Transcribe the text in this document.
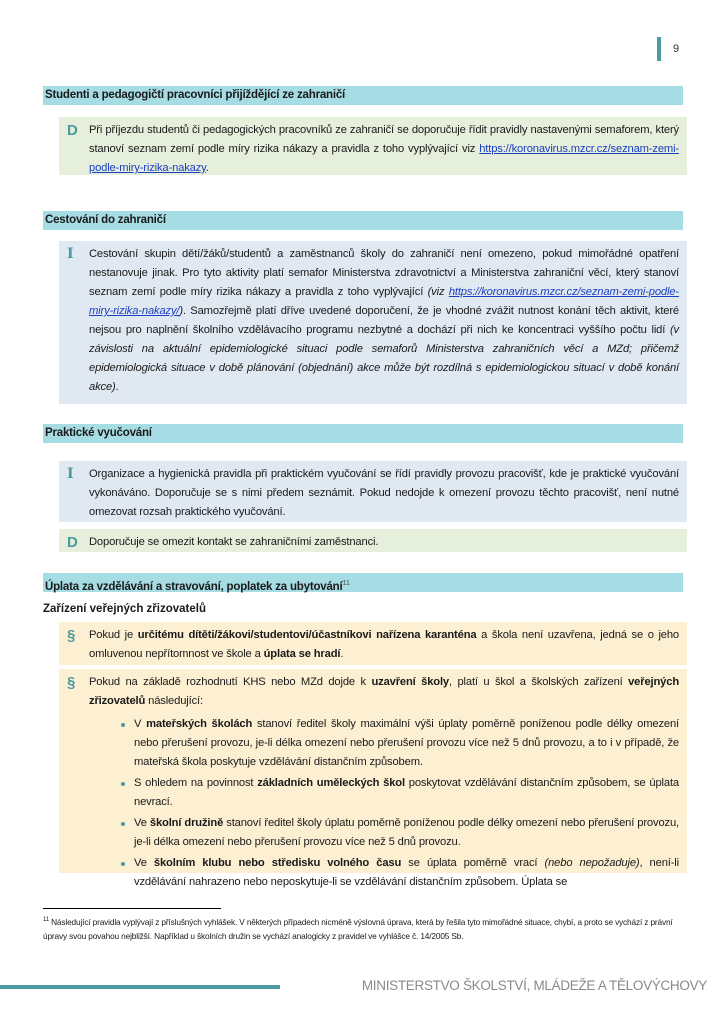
9
Studenti a pedagogičtí pracovníci přijíždějící ze zahraničí
D Při příjezdu studentů či pedagogických pracovníků ze zahraničí se doporučuje řídit pravidly nastavenými semaforem, který stanoví seznam zemí podle míry rizika nákazy a pravidla z toho vyplývající viz https://koronavirus.mzcr.cz/seznam-zemi-podle-miry-rizika-nakazy.
Cestování do zahraničí
I Cestování skupin dětí/žáků/studentů a zaměstnanců školy do zahraničí není omezeno, pokud mimořádné opatření nestanovuje jinak. Pro tyto aktivity platí semafor Ministerstva zdravotnictví a Ministerstva zahraniční věcí, který stanoví seznam zemí podle míry rizika nákazy a pravidla z toho vyplývající (viz https://koronavirus.mzcr.cz/seznam-zemi-podle-miry-rizika-nakazy/). Samozřejmě platí dříve uvedené doporučení, že je vhodné zvážit nutnost konání těch aktivit, které nejsou pro naplnění školního vzdělávacího programu nezbytné a dochází při nich ke koncentraci vyššího počtu lidí (v závislosti na aktuální epidemiologické situaci podle semaforů Ministerstva zahraničních věcí a MZd; přičemž epidemiologická situace v době plánování (objednání) akce může být rozdílná s epidemiologickou situací v době konání akce).
Praktické vyučování
I Organizace a hygienická pravidla při praktickém vyučování se řídí pravidly provozu pracovišť, kde je praktické vyučování vykonáváno. Doporučuje se s nimi předem seznámit. Pokud nedojde k omezení provozu těchto pracovišť, není nutné omezovat rozsah praktického vyučování.
D Doporučuje se omezit kontakt se zahraničními zaměstnanci.
Úplata za vzdělávání a stravování, poplatek za ubytování$^{11}$
Zařízení veřejných zřizovatelů
§ Pokud je určitému dítěti/žákovi/studentovi/účastníkovi nařízena karanténa a škola není uzavřena, jedná se o jeho omluvenou nepřítomnost ve škole a úplata se hradí.
§ Pokud na základě rozhodnutí KHS nebo MZd dojde k uzavření školy, platí u škol a školských zařízení veřejných zřizovatelů následující:
V mateřských školách stanoví ředitel školy maximální výši úplaty poměrně poníženou podle délky omezení nebo přerušení provozu, je-li délka omezení nebo přerušení provozu více než 5 dnů provozu, a to i v případě, že mateřská škola poskytuje vzdělávání distančním způsobem.
S ohledem na povinnost základních uměleckých škol poskytovat vzdělávání distančním způsobem, se úplata nevrací.
Ve školní družině stanoví ředitel školy úplatu poměrně poníženou podle délky omezení nebo přerušení provozu, je-li délka omezení nebo přerušení provozu více než 5 dnů provozu.
Ve školním klubu nebo středisku volného času se úplata poměrně vrací (nebo nepožaduje), není-li vzdělávání nahrazeno nebo neposkytuje-li se vzdělávání distančním způsobem. Úplata se
$^{11}$ Následující pravidla vyplývají z příslušných vyhlášek. V některých případech nicméně výslovná úprava, která by řešila tyto mimořádné situace, chybí, a proto se vychází z právní úpravy svou povahou nejbližší. Například u školních družin se vychází analogicky z pravidel ve vyhlášce č. 14/2005 Sb.
MINISTERSTVO ŠKOLSTVÍ, MLÁDEŽE A TĚLOVÝCHOVY
